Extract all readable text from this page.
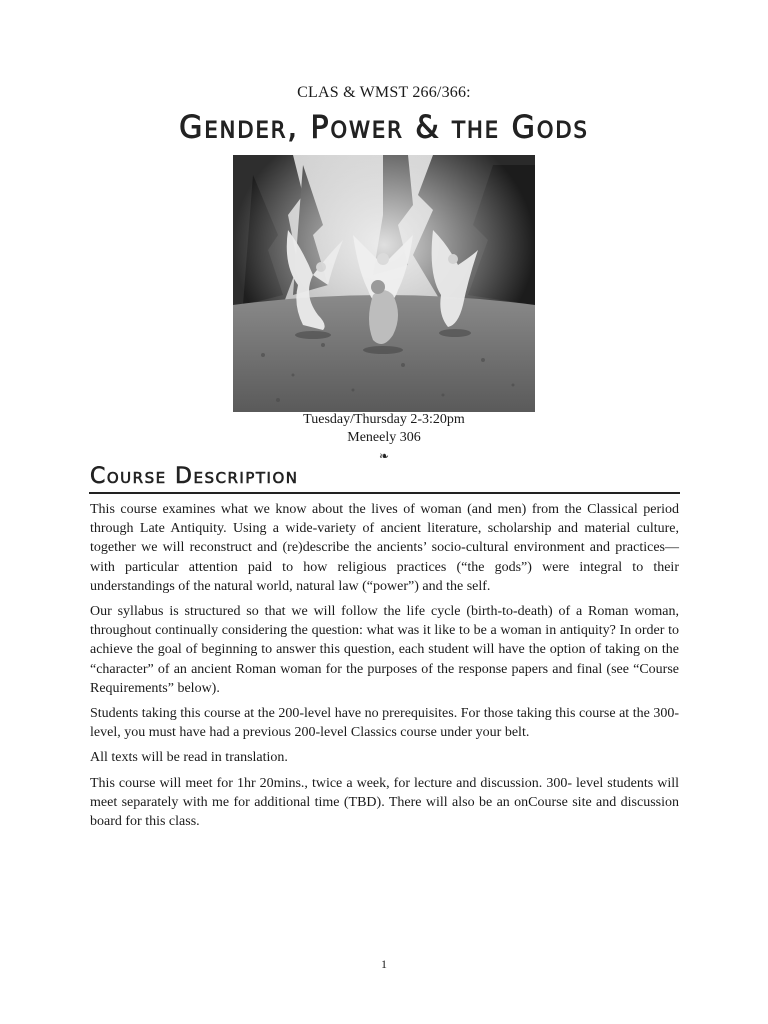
CLAS & WMST 266/366:
Gender, Power & the Gods
Tuesday/Thursday 2-3:20pm
Meneely 306
❧
Course Description

This course examines what we know about the lives of woman (and men) from the Classical period through Late Antiquity. Using a wide-variety of ancient literature, scholarship and material culture, together we will reconstruct and (re)describe the ancients’ socio-cultural environment and practices—with particular attention paid to how religious practices (“the gods”) were integral to their understandings of the natural world, natural law (“power”) and the self.

Our syllabus is structured so that we will follow the life cycle (birth-to-death) of a Roman woman, throughout continually considering the question: what was it like to be a woman in antiquity? In order to achieve the goal of beginning to answer this question, each student will have the option of taking on the “character” of an ancient Roman woman for the purposes of the response papers and final (see “Course Requirements” below).

Students taking this course at the 200-level have no prerequisites. For those taking this course at the 300-level, you must have had a previous 200-level Classics course under your belt.

All texts will be read in translation.

This course will meet for 1hr 20mins., twice a week, for lecture and discussion. 300- level students will meet separately with me for additional time (TBD). There will also be an onCourse site and discussion board for this class.

1
